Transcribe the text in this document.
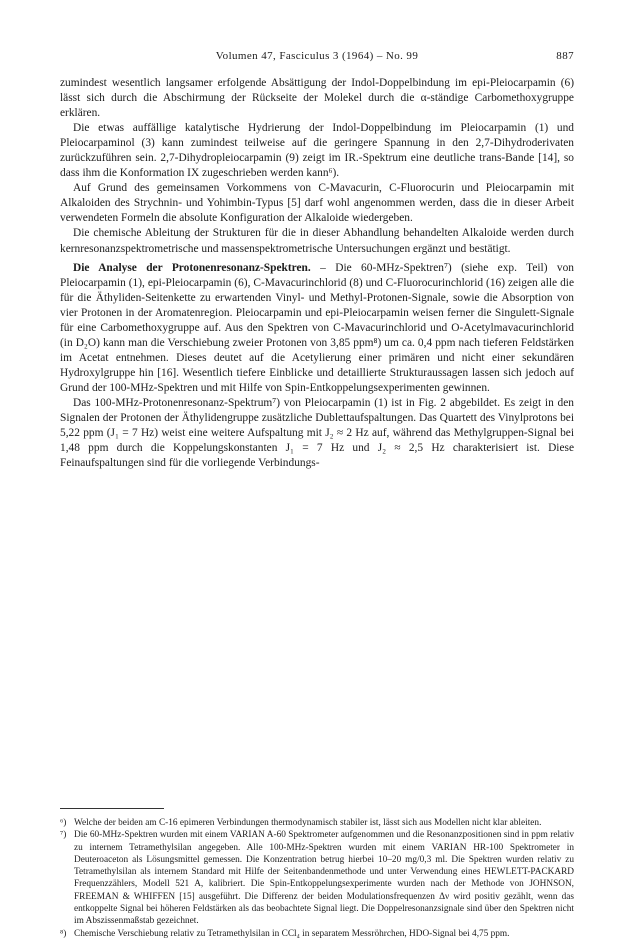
Volumen 47, Fasciculus 3 (1964) – No. 99	887

zumindest wesentlich langsamer erfolgende Absättigung der Indol-Doppelbindung im epi-Pleiocarpamin (6) lässt sich durch die Abschirmung der Rückseite der Molekel durch die α-ständige Carbomethoxygruppe erklären.

Die etwas auffällige katalytische Hydrierung der Indol-Doppelbindung im Pleiocarpamin (1) und Pleiocarpaminol (3) kann zumindest teilweise auf die geringere Spannung in den 2,7-Dihydroderivaten zurückzuführen sein. 2,7-Dihydropleiocarpamin (9) zeigt im IR.-Spektrum eine deutliche trans-Bande [14], so dass ihm die Konformation IX zugeschrieben werden kann⁶).

Auf Grund des gemeinsamen Vorkommens von C-Mavacurin, C-Fluorocurin und Pleiocarpamin mit Alkaloiden des Strychnin- und Yohimbin-Typus [5] darf wohl angenommen werden, dass die in dieser Arbeit verwendeten Formeln die absolute Konfiguration der Alkaloide wiedergeben.

Die chemische Ableitung der Strukturen für die in dieser Abhandlung behandelten Alkaloide werden durch kernresonanzspektrometrische und massenspektrometrische Untersuchungen ergänzt und bestätigt.

Die Analyse der Protonenresonanz-Spektren. – Die 60-MHz-Spektren⁷) (siehe exp. Teil) von Pleiocarpamin (1), epi-Pleiocarpamin (6), C-Mavacurinchlorid (8) und C-Fluorocurinchlorid (16) zeigen alle die für die Äthyliden-Seitenkette zu erwartenden Vinyl- und Methyl-Protonen-Signale, sowie die Absorption von vier Protonen in der Aromatenregion. Pleiocarpamin und epi-Pleiocarpamin weisen ferner die Singulett-Signale für eine Carbomethoxygruppe auf. Aus den Spektren von C-Mavacurinchlorid und O-Acetylmavacurinchlorid (in D₂O) kann man die Verschiebung zweier Protonen von 3,85 ppm⁸) um ca. 0,4 ppm nach tieferen Feldstärken im Acetat entnehmen. Dieses deutet auf die Acetylierung einer primären und nicht einer sekundären Hydroxylgruppe hin [16]. Wesentlich tiefere Einblicke und detaillierte Strukturaussagen lassen sich jedoch auf Grund der 100-MHz-Spektren und mit Hilfe von Spin-Entkoppelungsexperimenten gewinnen.

Das 100-MHz-Protonenresonanz-Spektrum⁷) von Pleiocarpamin (1) ist in Fig. 2 abgebildet. Es zeigt in den Signalen der Protonen der Äthylidengruppe zusätzliche Dublettaufspaltungen. Das Quartett des Vinylprotons bei 5,22 ppm (J₁ = 7 Hz) weist eine weitere Aufspaltung mit J₂ ≈ 2 Hz auf, während das Methylgruppen-Signal bei 1,48 ppm durch die Koppelungskonstanten J₁ = 7 Hz und J₂ ≈ 2,5 Hz charakterisiert ist. Diese Feinaufspaltungen sind für die vorliegende Verbindungs-

⁶) Welche der beiden am C-16 epimeren Verbindungen thermodynamisch stabiler ist, lässt sich aus Modellen nicht klar ableiten.

⁷) Die 60-MHz-Spektren wurden mit einem VARIAN A-60 Spektrometer aufgenommen und die Resonanzpositionen sind in ppm relativ zu internem Tetramethylsilan angegeben. Alle 100-MHz-Spektren wurden mit einem VARIAN HR-100 Spektrometer in Deuteroaceton als Lösungsmittel gemessen. Die Konzentration betrug hierbei 10–20 mg/0,3 ml. Die Spektren wurden relativ zu Tetramethylsilan als internem Standard mit Hilfe der Seitenbandenmethode und unter Verwendung eines HEWLETT-PACKARD Frequenzzählers, Modell 521 A, kalibriert. Die Spin-Entkoppelungsexperimente wurden nach der Methode von JOHNSON, FREEMAN & WHIFFEN [15] ausgeführt. Die Differenz der beiden Modulationsfrequenzen Δν wird positiv gezählt, wenn das entkoppelte Signal bei höheren Feldstärken als das beobachtete Signal liegt. Die Doppelresonanzsignale sind über den Spektren nicht im Abszissenmaßstab gezeichnet.

⁸) Chemische Verschiebung relativ zu Tetramethylsilan in CCl₄ in separatem Messröhrchen, HDO-Signal bei 4,75 ppm.
